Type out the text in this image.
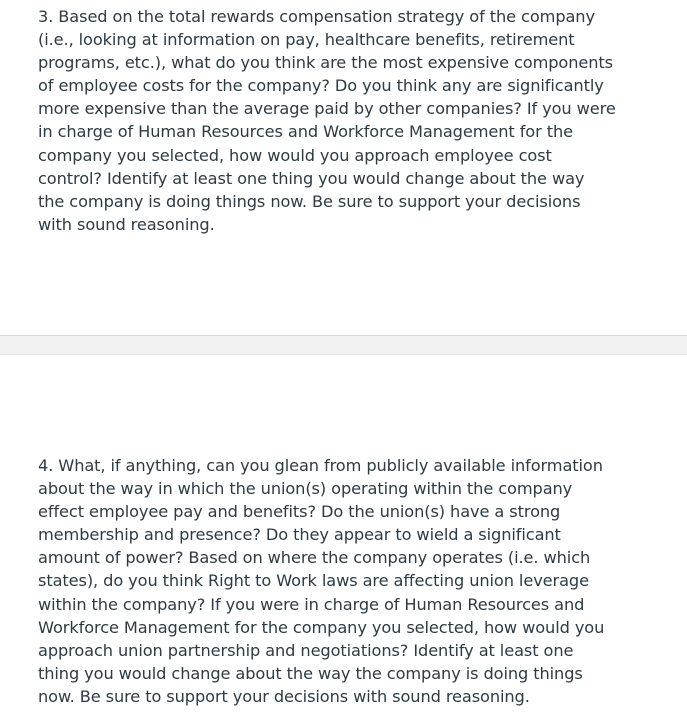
3. Based on the total rewards compensation strategy of the company
(i.e., looking at information on pay, healthcare benefits, retirement
programs, etc.), what do you think are the most expensive components
of employee costs for the company? Do you think any are significantly
more expensive than the average paid by other companies? If you were
in charge of Human Resources and Workforce Management for the
company you selected, how would you approach employee cost
control? Identify at least one thing you would change about the way
the company is doing things now. Be sure to support your decisions
with sound reasoning.
4. What, if anything, can you glean from publicly available information
about the way in which the union(s) operating within the company
effect employee pay and benefits? Do the union(s) have a strong
membership and presence? Do they appear to wield a significant
amount of power? Based on where the company operates (i.e. which
states), do you think Right to Work laws are affecting union leverage
within the company? If you were in charge of Human Resources and
Workforce Management for the company you selected, how would you
approach union partnership and negotiations? Identify at least one
thing you would change about the way the company is doing things
now. Be sure to support your decisions with sound reasoning.
